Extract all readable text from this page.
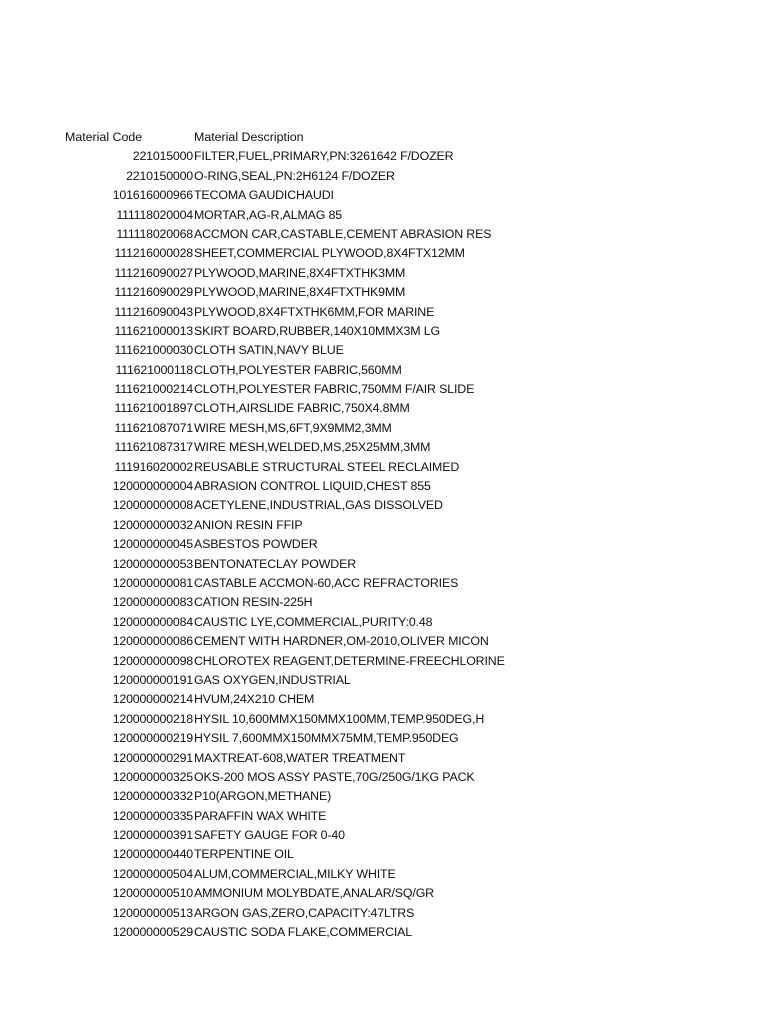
Material Code	Material Description
221015000 FILTER,FUEL,PRIMARY,PN:3261642 F/DOZER
2210150000 O-RING,SEAL,PN:2H6124 F/DOZER
101616000966 TECOMA GAUDICHAUDI
111118020004 MORTAR,AG-R,ALMAG 85
111118020068 ACCMON CAR,CASTABLE,CEMENT ABRASION RES
111216000028 SHEET,COMMERCIAL PLYWOOD,8X4FTX12MM
111216090027 PLYWOOD,MARINE,8X4FTXTHK3MM
111216090029 PLYWOOD,MARINE,8X4FTXTHK9MM
111216090043 PLYWOOD,8X4FTXTHK6MM,FOR MARINE
111621000013 SKIRT BOARD,RUBBER,140X10MMX3M LG
111621000030 CLOTH SATIN,NAVY BLUE
111621000118 CLOTH,POLYESTER FABRIC,560MM
111621000214 CLOTH,POLYESTER FABRIC,750MM F/AIR SLIDE
111621001897 CLOTH,AIRSLIDE FABRIC,750X4.8MM
111621087071 WIRE MESH,MS,6FT,9X9MM2,3MM
111621087317 WIRE MESH,WELDED,MS,25X25MM,3MM
111916020002 REUSABLE STRUCTURAL STEEL RECLAIMED
120000000004 ABRASION CONTROL LIQUID,CHEST 855
120000000008 ACETYLENE,INDUSTRIAL,GAS DISSOLVED
120000000032 ANION RESIN FFIP
120000000045 ASBESTOS POWDER
120000000053 BENTONATECLAY POWDER
120000000081 CASTABLE ACCMON-60,ACC REFRACTORIES
120000000083 CATION RESIN-225H
120000000084 CAUSTIC LYE,COMMERCIAL,PURITY:0.48
120000000086 CEMENT WITH HARDNER,OM-2010,OLIVER MICON
120000000098 CHLOROTEX REAGENT,DETERMINE-FREECHLORINE
120000000191 GAS OXYGEN,INDUSTRIAL
120000000214 HVUM,24X210 CHEM
120000000218 HYSIL 10,600MMX150MMX100MM,TEMP.950DEG,H
120000000219 HYSIL 7,600MMX150MMX75MM,TEMP.950DEG
120000000291 MAXTREAT-608,WATER TREATMENT
120000000325 OKS-200 MOS ASSY PASTE,70G/250G/1KG PACK
120000000332 P10(ARGON,METHANE)
120000000335 PARAFFIN WAX WHITE
120000000391 SAFETY GAUGE FOR 0-40
120000000440 TERPENTINE OIL
120000000504 ALUM,COMMERCIAL,MILKY WHITE
120000000510 AMMONIUM MOLYBDATE,ANALAR/SQ/GR
120000000513 ARGON GAS,ZERO,CAPACITY:47LTRS
120000000529 CAUSTIC SODA FLAKE,COMMERCIAL
